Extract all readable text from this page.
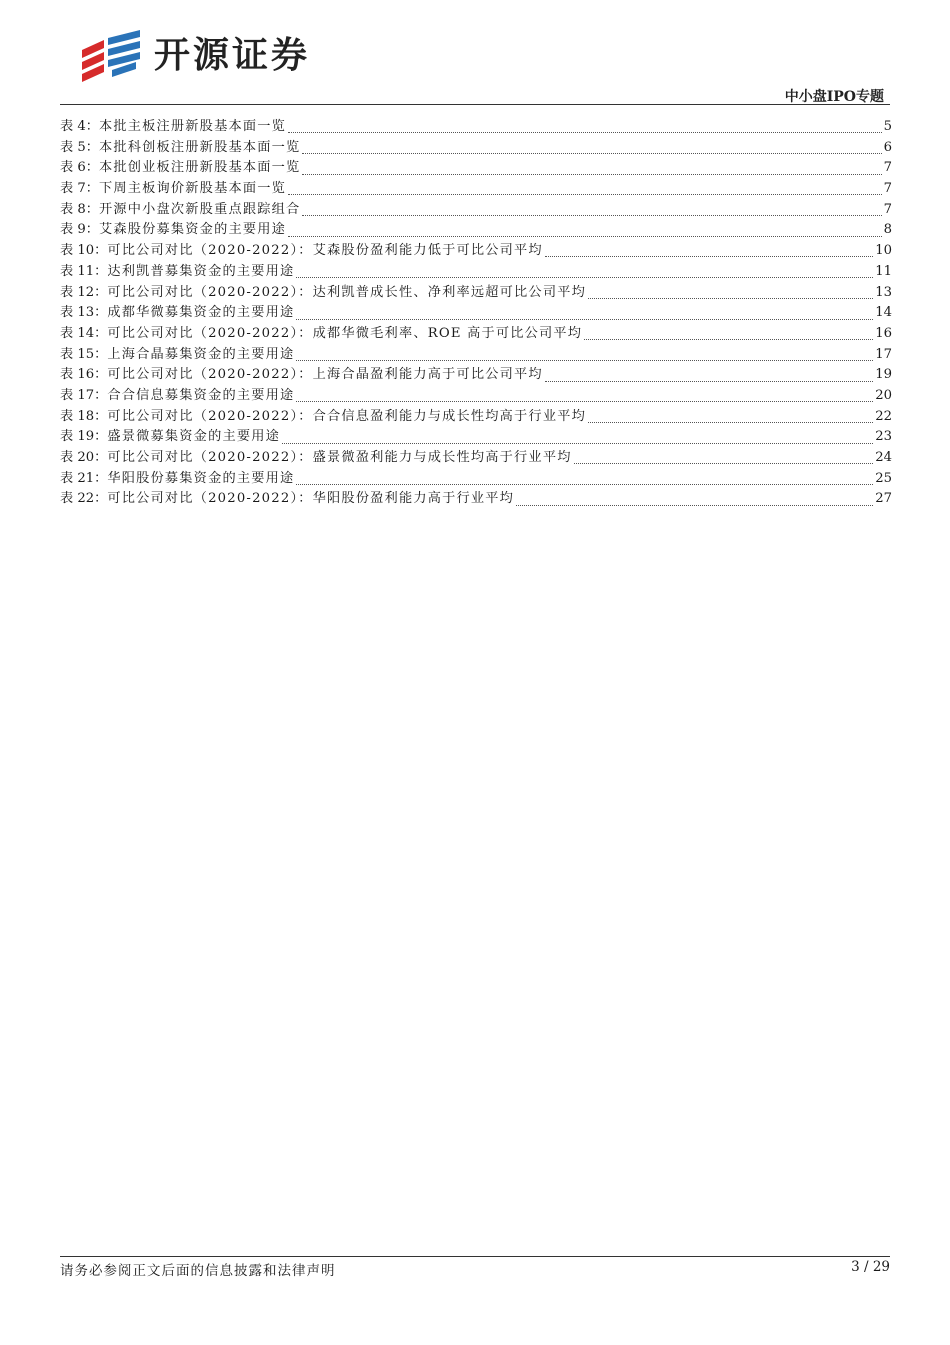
开源证券
中小盘IPO专题
表 4：本批主板注册新股基本面一览	5
表 5：本批科创板注册新股基本面一览	6
表 6：本批创业板注册新股基本面一览	7
表 7：下周主板询价新股基本面一览	7
表 8：开源中小盘次新股重点跟踪组合	7
表 9：艾森股份募集资金的主要用途	8
表 10：可比公司对比（2020-2022）：艾森股份盈利能力低于可比公司平均	10
表 11：达利凯普募集资金的主要用途	11
表 12：可比公司对比（2020-2022）：达利凯普成长性、净利率远超可比公司平均	13
表 13：成都华微募集资金的主要用途	14
表 14：可比公司对比（2020-2022）：成都华微毛利率、ROE 高于可比公司平均	16
表 15：上海合晶募集资金的主要用途	17
表 16：可比公司对比（2020-2022）：上海合晶盈利能力高于可比公司平均	19
表 17：合合信息募集资金的主要用途	20
表 18：可比公司对比（2020-2022）：合合信息盈利能力与成长性均高于行业平均	22
表 19：盛景微募集资金的主要用途	23
表 20：可比公司对比（2020-2022）：盛景微盈利能力与成长性均高于行业平均	24
表 21：华阳股份募集资金的主要用途	25
表 22：可比公司对比（2020-2022）：华阳股份盈利能力高于行业平均	27
请务必参阅正文后面的信息披露和法律声明	3 / 29
